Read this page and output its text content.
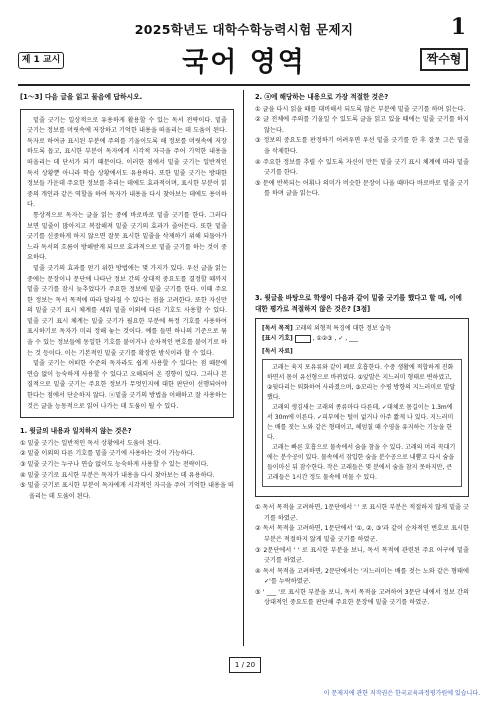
2025학년도 대학수학능력시험 문제지	1
제 1 교시	국어 영역	짝수형
[1～3] 다음 글을 읽고 물음에 답하시오.

밑줄 긋기는 일상적으로 유용하게 활용할 수 있는 독서 전략이다. 밑줄 긋기는 정보를 머릿속에 저장하고 기억한 내용을 떠올리는 데 도움이 된다. 독자로 하여금 표시된 부분에 주의를 기울이도록 해 정보를 머릿속에 저장하도록 돕고, 표시한 부분이 독자에게 시각적 자극을 주어 기억한 내용을 떠올리는 데 단서가 되기 때문이다. 이러한 점에서 밑줄 긋기는 일반적인 독서 상황뿐 아니라 학습 상황에서도 유용하다. 또한 밑줄 긋기는 방대한 정보들 가운데 주요한 정보를 추리는 데에도 효과적이며, 표시한 부분이 읽중의 개인과 같은 역할을 하여 독자가 내용을 다시 찾아보는 데에도 용이하다.

통상적으로 독자는 글을 읽는 중에 바로바로 밑줄 긋기를 한다. 그러다 보면 밑줄이 많아지고 복잡해져 밑줄 긋기의 효과가 줄어든다. 또한 밑줄 긋기를 신중하게 하지 않으면 잘못 표시한 밑줄을 삭제하기 위해 되돌아가느라 독서의 흐름이 방해받게 되므로 효과적으로 밑줄 긋기를 하는 것이 중요하다.

밑줄 긋기의 효과를 얻기 위한 방법에는 몇 가지가 있다. 우선 글을 읽는 중에는 문장이나 문단에 나타난 정보 간의 상대적 중요도를 결정할 때까지 밑줄 긋기를 잠시 늦추었다가 주요한 정보에 밑줄 긋기를 한다. 이때 주요한 정보는 독서 목적에 따라 달라질 수 있다는 점을 고려한다. 또한 자신만의 밑줄 긋기 표시 체계를 세워 밑줄 이외에 다른 기호도 사용할 수 있다. 밑줄 긋기 표시 체계는 밑줄 긋기가 필요한 부분에 특정 기호를 사용하여 표시하기로 독자가 미리 정해 놓는 것이다. 예를 들면 하나의 기준으로 묶을 수 있는 정보들에 동일한 기호를 붙이거나 순차적인 번호를 붙이기로 하는 것 등이다. 이는 기본적인 밑줄 긋기를 확장한 방식이라 할 수 있다.

밑줄 긋기는 어떠한 수준의 독자라도 쉽게 사용할 수 있다는 점 때문에 연습 없이 능숙하게 사용할 수 있다고 오해되어 온 경향이 있다. 그러나 본질적으로 밑줄 긋기는 주요한 정보가 무엇인지에 대한 판단이 선행되어야 한다는 점에서 단순하지 않다. ⓐ밑줄 긋기의 방법을 이해하고 잘 사용하는 것은 글을 능동적으로 읽어 나가는 데 도움이 될 수 있다.

1. 윗글의 내용과 일치하지 않는 것은?

① 밑줄 긋기는 일반적인 독서 상황에서 도움이 된다.

② 밑줄 이외의 다른 기호를 밑줄 긋기에 사용하는 것이 가능하다.

③ 밑줄 긋기는 누구나 연습 없이도 능숙하게 사용할 수 있는 전략이다.

④ 밑줄 긋기로 표시한 부분은 독자가 내용을 다시 찾아보는 데 유용하다.

⑤ 밑줄 긋기로 표시한 부분이 독자에게 시각적인 자극을 주어 기억한 내용을 떠올리는 데 도움이 된다.

2. ⓐ에 해당하는 내용으로 가장 적절한 것은?

① 글을 다시 읽을 때를 대비해서 되도록 많은 부분에 밑줄 긋기를 하며 읽는다.

② 글 전체에 주의를 기울일 수 있도록 글을 읽고 있을 때에는 밑줄 긋기를 하지 않는다.

③ 정보의 중요도를 판정하기 어려우면 우선 밑줄 긋기를 한 후 잘못 그은 밑줄을 삭제한다.

④ 주요한 정보를 추릴 수 있도록 자신이 만든 밑줄 긋기 표시 체계에 따라 밑줄 긋기를 한다.

⑤ 문에 반복되는 어휘나 의미가 비슷한 문장이 나올 때마다 바로바로 밑줄 긋기를 하며 글을 읽는다.

3. 윗글을 바탕으로 학생이 다음과 같이 밑줄 긋기를 했다고 할 때, 이에 대한 평가로 적절하지 않은 것은? [3점]

[독서 목적] 고래의 외형적 특징에 대한 정보 습득

[표시 기호]	, ①②③ , ✓ , ___

[독서 자료]

고래는 육지 포유류와 같이 폐로 호흡한다. 수중 생활에 적합하게 진화하면서 몸이 유선형으로 바뀌었다. ①앞발은 지느러미 형태로 변하였고, ②뒷다리는 퇴화하여 사라졌으며, ③꼬리는 수평 방향의 지느러미로 발달했다.

고래의 생김새는 고래의 종류마다 다른데, ✓대체로 몸길이는 1.3m에서 30m에 이른다. ✓피부에는 털이 없거나 아주 짧게 나 있다. 지느러미는 배를 젓는 노와 같은 형태이고, 헤엄칠 때 수영을 유지하는 기능을 한다.

고래는 빠른 호흡으로 물속에서 숨을 참을 수 있다. 고래의 머리 꼭대기에는 분수공이 있다. 물속에서 잠입한 숨을 분수공으로 내뿜고 다시 숨을 들이마신 뒤 잠수한다. 작은 고래들은 몇 분에서 숨을 참지 못하지만, 큰 고래들은 1시간 정도 물속에 머물 수 있다.

① 독서 목적을 고려하면, 1문단에서 ' ' 로 표시한 부분은 적절하지 않게 밑줄 긋기를 하였군.

② 독서 목적을 고려하면, 1문단에서 '①, ②, ③'과 같이 순차적인 번호로 표시한 부분은 적절하지 않게 밑줄 긋기를 하였군.

③ 2문단에서 ' ' 로 표시한 부분을 보니, 독서 목적에 관련된 주요 어구에 밑줄 긋기를 하였군.

④ 독서 목적을 고려하면, 2문단에서는 '지느러미는 배를 젓는 노와 같은 형태에 ✓'를 누락하였군.

⑤ ' ___ '로 표시한 부분을 보니, 독서 목적을 고려하여 3문단 내에서 정보 간의 상대적인 중요도를 판단해 주요한 문장에 밑줄 긋기를 하였군.

1 / 20
이 문제지에 관한 저작권은 한국교육과정평가원에 있습니다.
